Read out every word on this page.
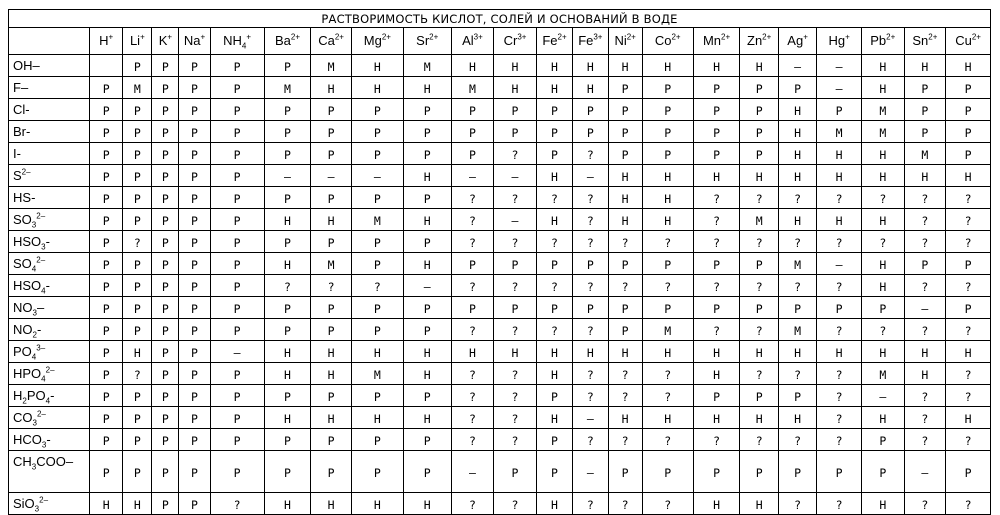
РАСТВОРИМОСТЬ КИСЛОТ, СОЛЕЙ И ОСНОВАНИЙ В ВОДЕ																						
	H+	Li+	K+	Na+	$NH_4^+$	$Ba^{2+}$	$Ca^{2+}$	$Mg^{2+}$	$Sr^{2+}$	$Al^{3+}$	$Cr^{3+}$	$Fe^{2+}$	$Fe^{3+}$	$Ni^{2+}$	$Co^{2+}$	$Mn^{2+}$	$Zn^{2+}$	Ag+	Hg+	$Pb^{2+}$	$Sn^{2+}$	$Cu^{2+}$
OH–		Р	Р	Р	Р	Р	М	Н	М	Н	Н	Н	Н	Н	Н	Н	Н	–	–	Н	Н	Н
F–	Р	М	Р	Р	Р	М	Н	Н	Н	М	Н	Н	Н	Р	Р	Р	Р	Р	–	Н	Р	Р
Cl-	Р	Р	Р	Р	Р	Р	Р	Р	Р	Р	Р	Р	Р	Р	Р	Р	Р	Н	Р	М	Р	Р
Br-	Р	Р	Р	Р	Р	Р	Р	Р	Р	Р	Р	Р	Р	Р	Р	Р	Р	Н	М	М	Р	Р
I-	Р	Р	Р	Р	Р	Р	Р	Р	Р	Р	?	Р	?	Р	Р	Р	Р	Н	Н	Н	М	Р
$S^{2-}$	Р	Р	Р	Р	Р	–	–	–	Н	–	–	Н	–	Н	Н	Н	Н	Н	Н	Н	Н	Н
HS-	Р	Р	Р	Р	Р	Р	Р	Р	Р	?	?	?	?	Н	Н	?	?	?	?	?	?	?
$SO_3^{2-}$	Р	Р	Р	Р	Р	Н	Н	М	Н	?	–	Н	?	Н	Н	?	М	Н	Н	Н	?	?
$HSO_3-$	Р	?	Р	Р	Р	Р	Р	Р	Р	?	?	?	?	?	?	?	?	?	?	?	?	?
$SO_4^{2-}$	Р	Р	Р	Р	Р	Н	М	Р	Н	Р	Р	Р	Р	Р	Р	Р	Р	М	–	Н	Р	Р
$HSO_4-$	Р	Р	Р	Р	Р	?	?	?	–	?	?	?	?	?	?	?	?	?	?	Н	?	?
$NO_3-$	Р	Р	Р	Р	Р	Р	Р	Р	Р	Р	Р	Р	Р	Р	Р	Р	Р	Р	Р	Р	–	Р
$NO_2-$	Р	Р	Р	Р	Р	Р	Р	Р	Р	?	?	?	?	Р	М	?	?	М	?	?	?	?
$PO_4^{3-}$	Р	Н	Р	Р	–	Н	Н	Н	Н	Н	Н	Н	Н	Н	Н	Н	Н	Н	Н	Н	Н	Н
$HPO_4^{2-}$	Р	?	Р	Р	Р	Н	Н	М	Н	?	?	Н	?	?	?	Н	?	?	?	М	Н	?
$H_2PO_4-$	Р	Р	Р	Р	Р	Р	Р	Р	Р	?	?	Р	?	?	?	Р	Р	Р	?	–	?	?
$CO_3^{2-}$	Р	Р	Р	Р	Р	Н	Н	Н	Н	?	?	Н	–	Н	Н	Н	Н	Н	?	Н	?	Н
$HCO_3-$	Р	Р	Р	Р	Р	Р	Р	Р	Р	?	?	Р	?	?	?	?	?	?	?	Р	?	?
$CH_3COO-$	Р	Р	Р	Р	Р	Р	Р	Р	Р	–	Р	Р	–	Р	Р	Р	Р	Р	Р	Р	–	Р
SiO$_3^{2-}$	Н	Н	Р	Р	?	Н	Н	Н	Н	?	?	Н	?	?	?	Н	Н	?	?	Н	?	?
